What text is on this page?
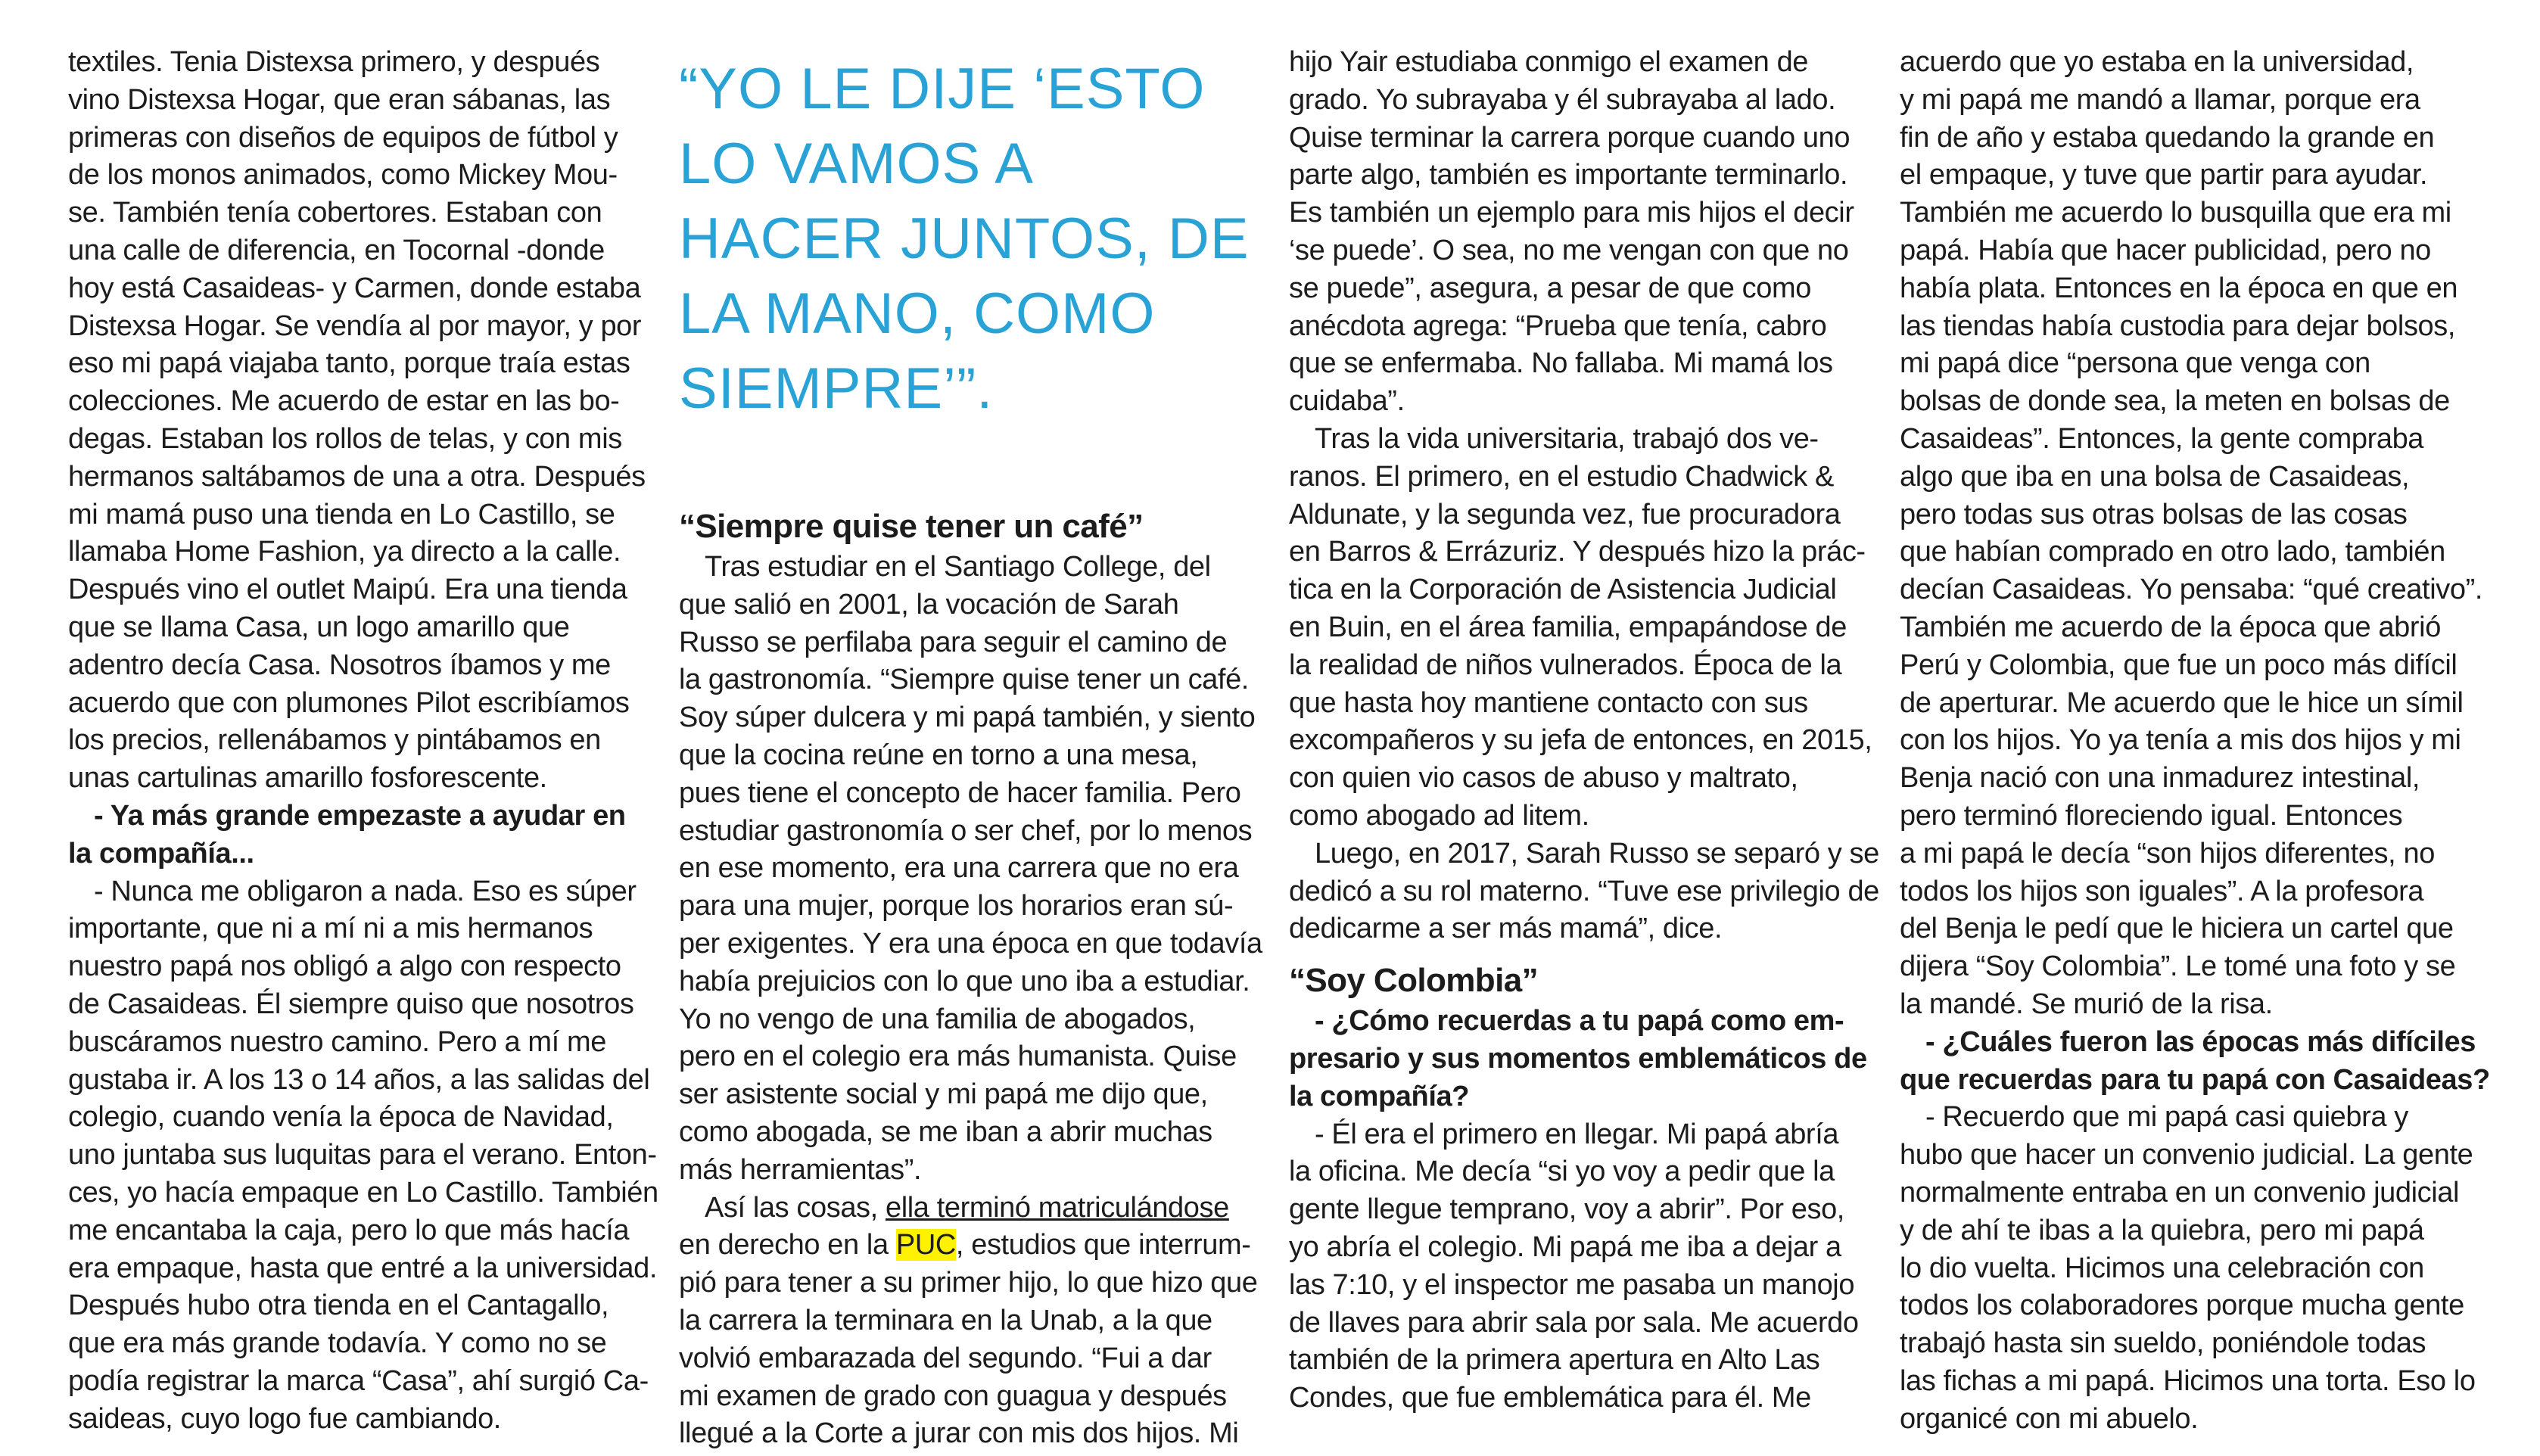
textiles. Tenia Distexsa primero, y después
vino Distexsa Hogar, que eran sábanas, las
primeras con diseños de equipos de fútbol y
de los monos animados, como Mickey Mou-
se. También tenía cobertores. Estaban con
una calle de diferencia, en Tocornal -donde
hoy está Casaideas- y Carmen, donde estaba
Distexsa Hogar. Se vendía al por mayor, y por
eso mi papá viajaba tanto, porque traía estas
colecciones. Me acuerdo de estar en las bo-
degas. Estaban los rollos de telas, y con mis
hermanos saltábamos de una a otra. Después
mi mamá puso una tienda en Lo Castillo, se
llamaba Home Fashion, ya directo a la calle.
Después vino el outlet Maipú. Era una tienda
que se llama Casa, un logo amarillo que
adentro decía Casa. Nosotros íbamos y me
acuerdo que con plumones Pilot escribíamos
los precios, rellenábamos y pintábamos en
unas cartulinas amarillo fosforescente.
- Ya más grande empezaste a ayudar en
la compañía...
- Nunca me obligaron a nada. Eso es súper
importante, que ni a mí ni a mis hermanos
nuestro papá nos obligó a algo con respecto
de Casaideas. Él siempre quiso que nosotros
buscáramos nuestro camino. Pero a mí me
gustaba ir. A los 13 o 14 años, a las salidas del
colegio, cuando venía la época de Navidad,
uno juntaba sus luquitas para el verano. Enton-
ces, yo hacía empaque en Lo Castillo. También
me encantaba la caja, pero lo que más hacía
era empaque, hasta que entré a la universidad.
Después hubo otra tienda en el Cantagallo,
que era más grande todavía. Y como no se
podía registrar la marca “Casa”, ahí surgió Ca-
saideas, cuyo logo fue cambiando.
“YO LE DIJE ‘ESTO
LO VAMOS A
HACER JUNTOS, DE
LA MANO, COMO
SIEMPRE’”.
“Siempre quise tener un café”
Tras estudiar en el Santiago College, del
que salió en 2001, la vocación de Sarah
Russo se perfilaba para seguir el camino de
la gastronomía. “Siempre quise tener un café.
Soy súper dulcera y mi papá también, y siento
que la cocina reúne en torno a una mesa,
pues tiene el concepto de hacer familia. Pero
estudiar gastronomía o ser chef, por lo menos
en ese momento, era una carrera que no era
para una mujer, porque los horarios eran sú-
per exigentes. Y era una época en que todavía
había prejuicios con lo que uno iba a estudiar.
Yo no vengo de una familia de abogados,
pero en el colegio era más humanista. Quise
ser asistente social y mi papá me dijo que,
como abogada, se me iban a abrir muchas
más herramientas”.
Así las cosas, ella terminó matriculándose
en derecho en la PUC, estudios que interrum-
pió para tener a su primer hijo, lo que hizo que
la carrera la terminara en la Unab, a la que
volvió embarazada del segundo. “Fui a dar
mi examen de grado con guagua y después
llegué a la Corte a jurar con mis dos hijos. Mi
hijo Yair estudiaba conmigo el examen de
grado. Yo subrayaba y él subrayaba al lado.
Quise terminar la carrera porque cuando uno
parte algo, también es importante terminarlo.
Es también un ejemplo para mis hijos el decir
‘se puede’. O sea, no me vengan con que no
se puede”, asegura, a pesar de que como
anécdota agrega: “Prueba que tenía, cabro
que se enfermaba. No fallaba. Mi mamá los
cuidaba”.
Tras la vida universitaria, trabajó dos ve-
ranos. El primero, en el estudio Chadwick &
Aldunate, y la segunda vez, fue procuradora
en Barros & Errázuriz. Y después hizo la prác-
tica en la Corporación de Asistencia Judicial
en Buin, en el área familia, empapándose de
la realidad de niños vulnerados. Época de la
que hasta hoy mantiene contacto con sus
excompañeros y su jefa de entonces, en 2015,
con quien vio casos de abuso y maltrato,
como abogado ad litem.
Luego, en 2017, Sarah Russo se separó y se
dedicó a su rol materno. “Tuve ese privilegio de
dedicarme a ser más mamá”, dice.
“Soy Colombia”
- ¿Cómo recuerdas a tu papá como em-
presario y sus momentos emblemáticos de
la compañía?
- Él era el primero en llegar. Mi papá abría
la oficina. Me decía “si yo voy a pedir que la
gente llegue temprano, voy a abrir”. Por eso,
yo abría el colegio. Mi papá me iba a dejar a
las 7:10, y el inspector me pasaba un manojo
de llaves para abrir sala por sala. Me acuerdo
también de la primera apertura en Alto Las
Condes, que fue emblemática para él. Me
acuerdo que yo estaba en la universidad,
y mi papá me mandó a llamar, porque era
fin de año y estaba quedando la grande en
el empaque, y tuve que partir para ayudar.
También me acuerdo lo busquilla que era mi
papá. Había que hacer publicidad, pero no
había plata. Entonces en la época en que en
las tiendas había custodia para dejar bolsos,
mi papá dice “persona que venga con
bolsas de donde sea, la meten en bolsas de
Casaideas”. Entonces, la gente compraba
algo que iba en una bolsa de Casaideas,
pero todas sus otras bolsas de las cosas
que habían comprado en otro lado, también
decían Casaideas. Yo pensaba: “qué creativo”.
También me acuerdo de la época que abrió
Perú y Colombia, que fue un poco más difícil
de aperturar. Me acuerdo que le hice un símil
con los hijos. Yo ya tenía a mis dos hijos y mi
Benja nació con una inmadurez intestinal,
pero terminó floreciendo igual. Entonces
a mi papá le decía “son hijos diferentes, no
todos los hijos son iguales”. A la profesora
del Benja le pedí que le hiciera un cartel que
dijera “Soy Colombia”. Le tomé una foto y se
la mandé. Se murió de la risa.
- ¿Cuáles fueron las épocas más difíciles
que recuerdas para tu papá con Casaideas?
- Recuerdo que mi papá casi quiebra y
hubo que hacer un convenio judicial. La gente
normalmente entraba en un convenio judicial
y de ahí te ibas a la quiebra, pero mi papá
lo dio vuelta. Hicimos una celebración con
todos los colaboradores porque mucha gente
trabajó hasta sin sueldo, poniéndole todas
las fichas a mi papá. Hicimos una torta. Eso lo
organicé con mi abuelo.
